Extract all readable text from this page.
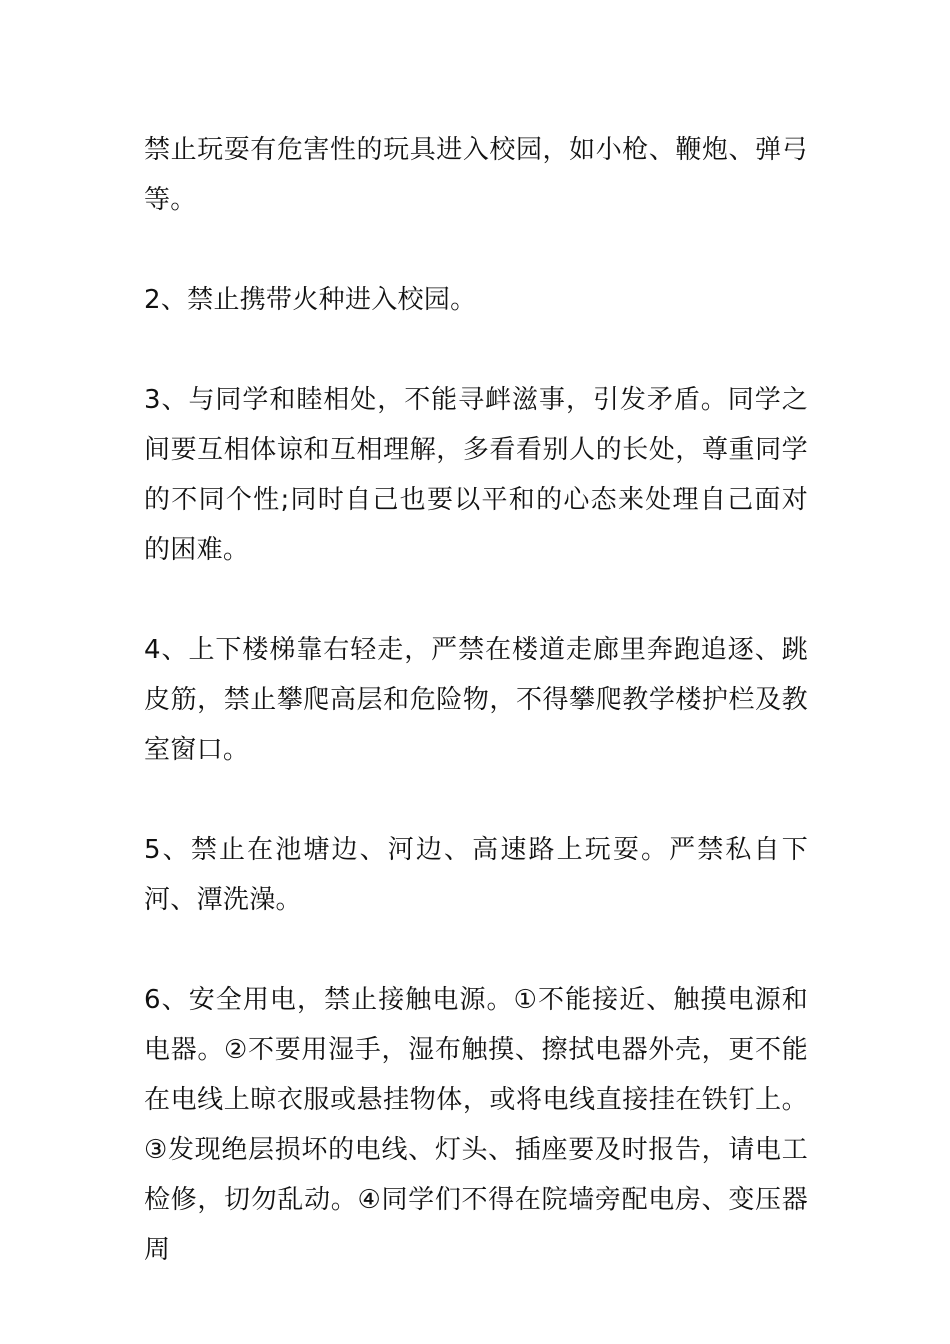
禁止玩耍有危害性的玩具进入校园，如小枪、鞭炮、弹弓等。

2、禁止携带火种进入校园。

3、与同学和睦相处，不能寻衅滋事，引发矛盾。同学之间要互相体谅和互相理解，多看看别人的长处，尊重同学的不同个性;同时自己也要以平和的心态来处理自己面对的困难。

4、上下楼梯靠右轻走，严禁在楼道走廊里奔跑追逐、跳皮筋，禁止攀爬高层和危险物，不得攀爬教学楼护栏及教室窗口。

5、禁止在池塘边、河边、高速路上玩耍。严禁私自下河、潭洗澡。

6、安全用电，禁止接触电源。①不能接近、触摸电源和电器。②不要用湿手，湿布触摸、擦拭电器外壳，更不能在电线上晾衣服或悬挂物体，或将电线直接挂在铁钉上。③发现绝层损坏的电线、灯头、插座要及时报告，请电工检修，切勿乱动。④同学们不得在院墙旁配电房、变压器周
